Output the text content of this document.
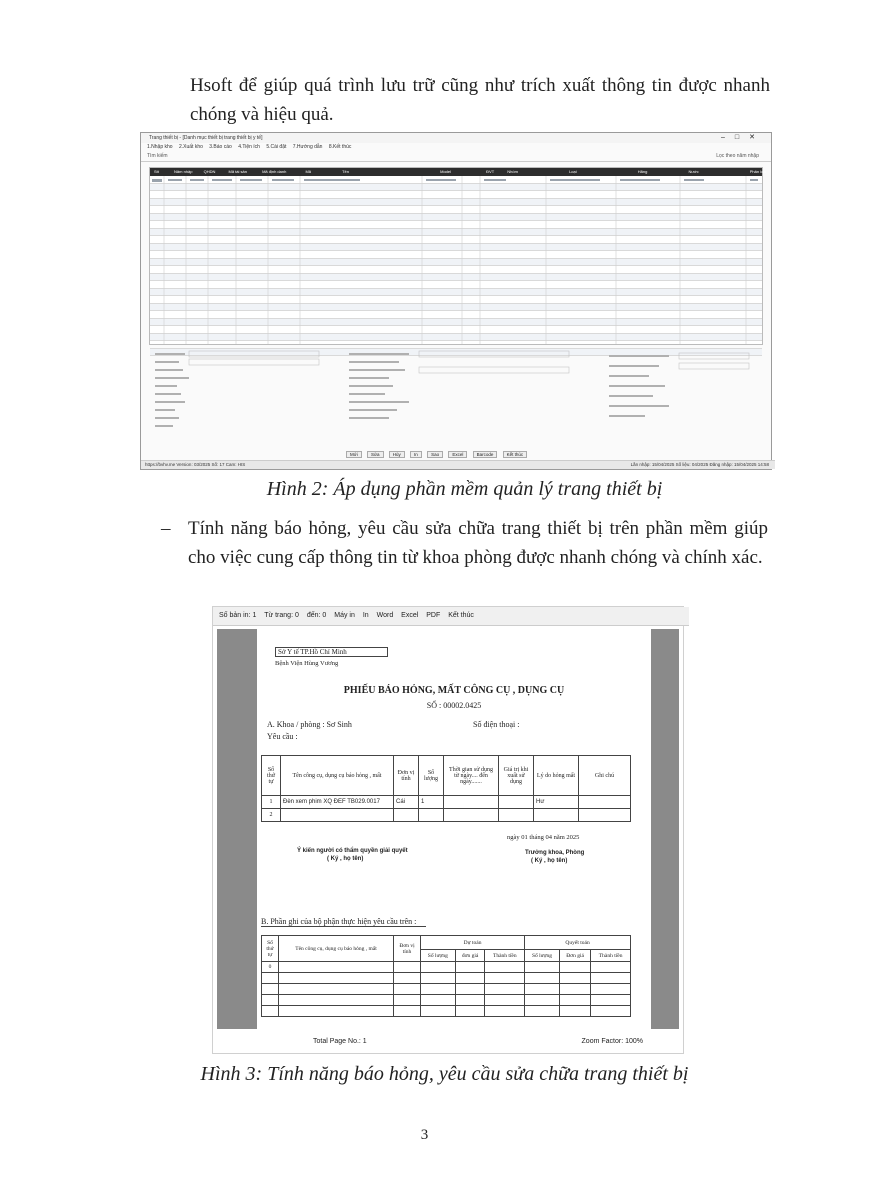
Hsoft để giúp quá trình lưu trữ cũng như trích xuất thông tin được nhanh chóng và hiệu quả.
Trang thiết bị - [Danh mục thiết bị trang thiết bị y tế]	–□✕
1.Nhập kho 2.Xuất kho 3.Báo cáo 4.Tiện ích 5.Cài đặt 7.Hướng dẫn 8.Kết thúc
Tìm kiếm	Lọc theo năm nhập
Stt	Năm nhập	QHDN	Mã tài sản	Mã định danh	Mã	Tên	Model	ĐVT	Nhóm	Loại	Hãng	Nước	Phân loại
Mới	Sửa	Hủy	In	Sao	Excel	Barcode	Kết thúc
https://bvhv.me Version: 03/2025 Số: 17 Cam: HIS	Lần nhập: 15/04/2025 Số liệu: 04/2025 Đăng nhập: 15/04/2025 14:58
Hình 2: Áp dụng phần mềm quản lý trang thiết bị
– Tính năng báo hỏng, yêu cầu sửa chữa trang thiết bị trên phần mềm giúp cho việc cung cấp thông tin từ khoa phòng được nhanh chóng và chính xác.
Số bản in: 1 Từ trang: 0 đến: 0 Máy in In Word Excel PDF Kết thúc
Sở Y tế TP.Hồ Chí Minh
Bệnh Viện Hùng Vương
PHIẾU BÁO HỎNG, MẤT CÔNG CỤ , DỤNG CỤ
SỐ : 00002.0425
A. Khoa / phòng : Sơ Sinh	Số điện thoại :
Yêu cầu :
Số thứ tự	Tên công cụ, dụng cụ báo hỏng , mất	Đơn vị tính	Số lượng	Thời gian sử dụng từ ngày.... đến ngày.......	Giá trị khi xuất sử dụng	Lý do hỏng mất	Ghi chú
1	Đèn xem phim XQ ĐEF TB029.0017	Cái	1			Hư	
2							
ngày 01 tháng 04 năm 2025
Ý kiến người có thẩm quyền giải quyết
( Ký , họ tên)
Trưởng khoa, Phòng
( Ký , họ tên)
B. Phần ghi của bộ phận thực hiện yêu cầu trên :
Số thứ tự	Tên công cụ, dụng cụ báo hỏng , mất	Đơn vị tính	Dự toán			Quyết toán		
			Số lượng	đơn giá	Thành tiền	Số lượng	Đơn giá	Thành tiền
0								

Total Page No.: 1	Zoom Factor: 100%
Hình 3: Tính năng báo hỏng, yêu cầu sửa chữa trang thiết bị
3
